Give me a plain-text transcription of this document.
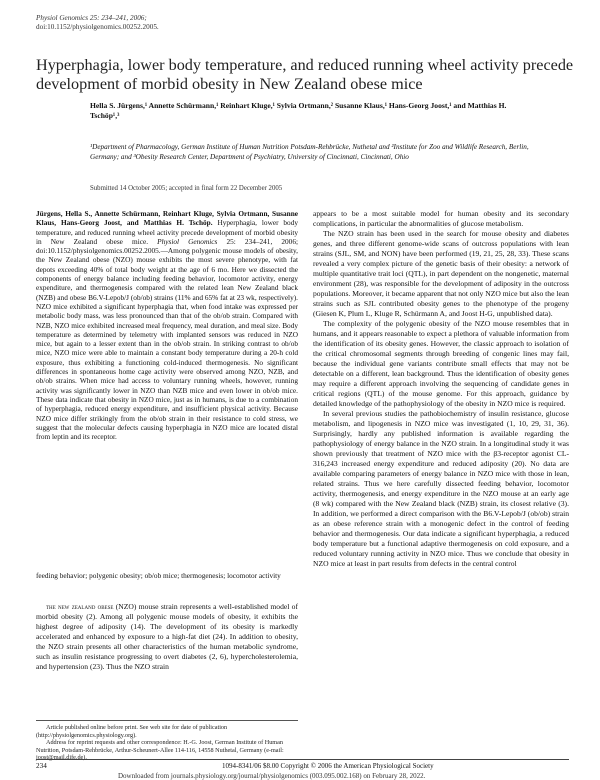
Physiol Genomics 25: 234–241, 2006;
doi:10.1152/physiolgenomics.00252.2005.
Hyperphagia, lower body temperature, and reduced running wheel activity precede development of morbid obesity in New Zealand obese mice
Hella S. Jürgens,¹ Annette Schürmann,¹ Reinhart Kluge,¹ Sylvia Ortmann,² Susanne Klaus,¹ Hans-Georg Joost,¹ and Matthias H. Tschöp¹,³
¹Department of Pharmacology, German Institute of Human Nutrition Potsdam-Rehbrücke, Nuthetal and ²Institute for Zoo and Wildlife Research, Berlin, Germany; and ³Obesity Research Center, Department of Psychiatry, University of Cincinnati, Cincinnati, Ohio
Submitted 14 October 2005; accepted in final form 22 December 2005

Jürgens, Hella S., Annette Schürmann, Reinhart Kluge, Sylvia Ortmann, Susanne Klaus, Hans-Georg Joost, and Matthias H. Tschöp. Hyperphagia, lower body temperature, and reduced running wheel activity precede development of morbid obesity in New Zealand obese mice. Physiol Genomics 25: 234–241, 2006; doi:10.1152/physiolgenomics.00252.2005.—Among polygenic mouse models of obesity, the New Zealand obese (NZO) mouse exhibits the most severe phenotype, with fat depots exceeding 40% of total body weight at the age of 6 mo. Here we dissected the components of energy balance including feeding behavior, locomotor activity, energy expenditure, and thermogenesis compared with the related lean New Zealand black (NZB) and obese B6.V-Lepob/J (ob/ob) strains (11% and 65% fat at 23 wk, respectively). NZO mice exhibited a significant hyperphagia that, when food intake was expressed per metabolic body mass, was less pronounced than that of the ob/ob strain. Compared with NZB, NZO mice exhibited increased meal frequency, meal duration, and meal size. Body temperature as determined by telemetry with implanted sensors was reduced in NZO mice, but again to a lesser extent than in the ob/ob strain. In striking contrast to ob/ob mice, NZO mice were able to maintain a constant body temperature during a 20-h cold exposure, thus exhibiting a functioning cold-induced thermogenesis. No significant differences in spontaneous home cage activity were observed among NZO, NZB, and ob/ob strains. When mice had access to voluntary running wheels, however, running activity was significantly lower in NZO than NZB mice and even lower in ob/ob mice. These data indicate that obesity in NZO mice, just as in humans, is due to a combination of hyperphagia, reduced energy expenditure, and insufficient physical activity. Because NZO mice differ strikingly from the ob/ob strain in their resistance to cold stress, we suggest that the molecular defects causing hyperphagia in NZO mice are located distal from leptin and its receptor.

feeding behavior; polygenic obesity; ob/ob mice; thermogenesis; locomotor activity

the new zealand obese (NZO) mouse strain represents a well-established model of morbid obesity (2). Among all polygenic mouse models of obesity, it exhibits the highest degree of adiposity (14). The development of its obesity is markedly accelerated and enhanced by exposure to a high-fat diet (24). In addition to obesity, the NZO strain presents all other characteristics of the human metabolic syndrome, such as insulin resistance progressing to overt diabetes (2, 6), hypercholesterolemia, and hypertension (23). Thus the NZO strain

Article published online before print. See web site for date of publication (http://physiolgenomics.physiology.org).
Address for reprint requests and other correspondence: H.-G. Joost, German Institute of Human Nutrition, Potsdam-Rehbrücke, Arthur-Scheunert-Allee 114-116, 14558 Nuthetal, Germany (e-mail: joost@mail.dife.de).

appears to be a most suitable model for human obesity and its secondary complications, in particular the abnormalities of glucose metabolism.

The NZO strain has been used in the search for mouse obesity and diabetes genes, and three different genome-wide scans of outcross populations with lean strains (SJL, SM, and NON) have been performed (19, 21, 25, 28, 33). These scans revealed a very complex picture of the genetic basis of their obesity: a network of multiple quantitative trait loci (QTL), in part dependent on the nongenetic, maternal environment (28), was responsible for the development of adiposity in the outcross populations. Moreover, it became apparent that not only NZO mice but also the lean strains such as SJL contributed obesity genes to the phenotype of the progeny (Giesen K, Plum L, Kluge R, Schürmann A, and Joost H-G, unpublished data).

The complexity of the polygenic obesity of the NZO mouse resembles that in humans, and it appears reasonable to expect a plethora of valuable information from the identification of its obesity genes. However, the classic approach to isolation of the critical chromosomal segments through breeding of congenic lines may fail, because the individual gene variants contribute small effects that may not be detectable on a different, lean background. Thus the identification of obesity genes may require a different approach involving the sequencing of candidate genes in critical regions (QTL) of the mouse genome. For this approach, guidance by detailed knowledge of the pathophysiology of the obesity in NZO mice is required.

In several previous studies the pathobiochemistry of insulin resistance, glucose metabolism, and lipogenesis in NZO mice was investigated (1, 10, 29, 31, 36). Surprisingly, hardly any published information is available regarding the pathophysiology of energy balance in the NZO strain. In a longitudinal study it was shown previously that treatment of NZO mice with the β3-receptor agonist CL-316,243 increased energy expenditure and reduced adiposity (20). No data are available comparing parameters of energy balance in NZO mice with those in lean, related strains. Thus we here carefully dissected feeding behavior, locomotor activity, thermogenesis, and energy expenditure in the NZO mouse at an early age (8 wk) compared with the New Zealand black (NZB) strain, its closest relative (3). In addition, we performed a direct comparison with the B6.V-Lepob/J (ob/ob) strain as an obese reference strain with a monogenic defect in the control of feeding behavior and thermogenesis. Our data indicate a significant hyperphagia, a reduced body temperature but a functional adaptive thermogenesis on cold exposure, and a reduced voluntary running activity in NZO mice. Thus we conclude that obesity in NZO mice at least in part results from defects in the central control

234	1094-8341/06 $8.00 Copyright © 2006 the American Physiological Society
Downloaded from journals.physiology.org/journal/physiolgenomics (003.095.002.168) on February 28, 2022.
